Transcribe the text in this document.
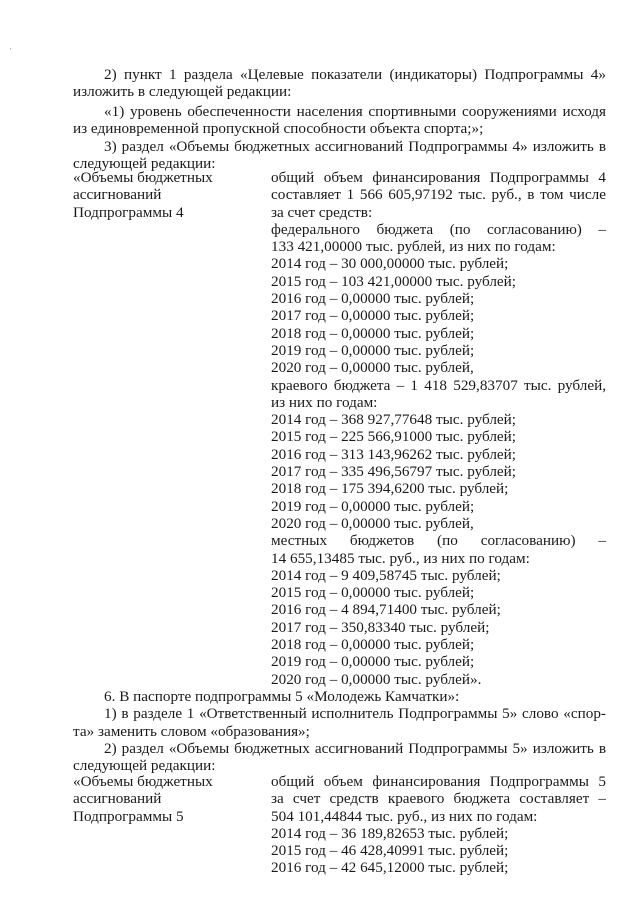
'
2) пункт 1 раздела «Целевые показатели (индикаторы) Подпрограммы 4»
изложить в следующей редакции:
«1) уровень обеспеченности населения спортивными сооружениями исходя
из единовременной пропускной способности объекта спорта;»;
3) раздел «Объемы бюджетных ассигнований Подпрограммы 4» изложить в
следующей редакции:
«Объемы бюджетных
ассигнований
Подпрограммы 4
общий объем финансирования Подпрограммы 4
составляет 1 566 605,97192 тыс. руб., в том числе
за счет средств:
федерального бюджета (по согласованию) –
133 421,00000 тыс. рублей, из них по годам:
2014 год – 30 000,00000 тыс. рублей;
2015 год – 103 421,00000 тыс. рублей;
2016 год – 0,00000 тыс. рублей;
2017 год – 0,00000 тыс. рублей;
2018 год – 0,00000 тыс. рублей;
2019 год – 0,00000 тыс. рублей;
2020 год – 0,00000 тыс. рублей,
краевого бюджета – 1 418 529,83707 тыс. рублей,
из них по годам:
2014 год – 368 927,77648 тыс. рублей;
2015 год – 225 566,91000 тыс. рублей;
2016 год – 313 143,96262 тыс. рублей;
2017 год – 335 496,56797 тыс. рублей;
2018 год – 175 394,6200 тыс. рублей;
2019 год – 0,00000 тыс. рублей;
2020 год – 0,00000 тыс. рублей,
местных бюджетов (по согласованию) –
14 655,13485 тыс. руб., из них по годам:
2014 год – 9 409,58745 тыс. рублей;
2015 год – 0,00000 тыс. рублей;
2016 год – 4 894,71400 тыс. рублей;
2017 год – 350,83340 тыс. рублей;
2018 год – 0,00000 тыс. рублей;
2019 год – 0,00000 тыс. рублей;
2020 год – 0,00000 тыс. рублей».
6. В паспорте подпрограммы 5 «Молодежь Камчатки»:
1) в разделе 1 «Ответственный исполнитель Подпрограммы 5» слово «спор-
та» заменить словом «образования»;
2) раздел «Объемы бюджетных ассигнований Подпрограммы 5» изложить в
следующей редакции:
«Объемы бюджетных
ассигнований
Подпрограммы 5
общий объем финансирования Подпрограммы 5
за счет средств краевого бюджета составляет –
504 101,44844 тыс. руб., из них по годам:
2014 год – 36 189,82653 тыс. рублей;
2015 год – 46 428,40991 тыс. рублей;
2016 год – 42 645,12000 тыс. рублей;
